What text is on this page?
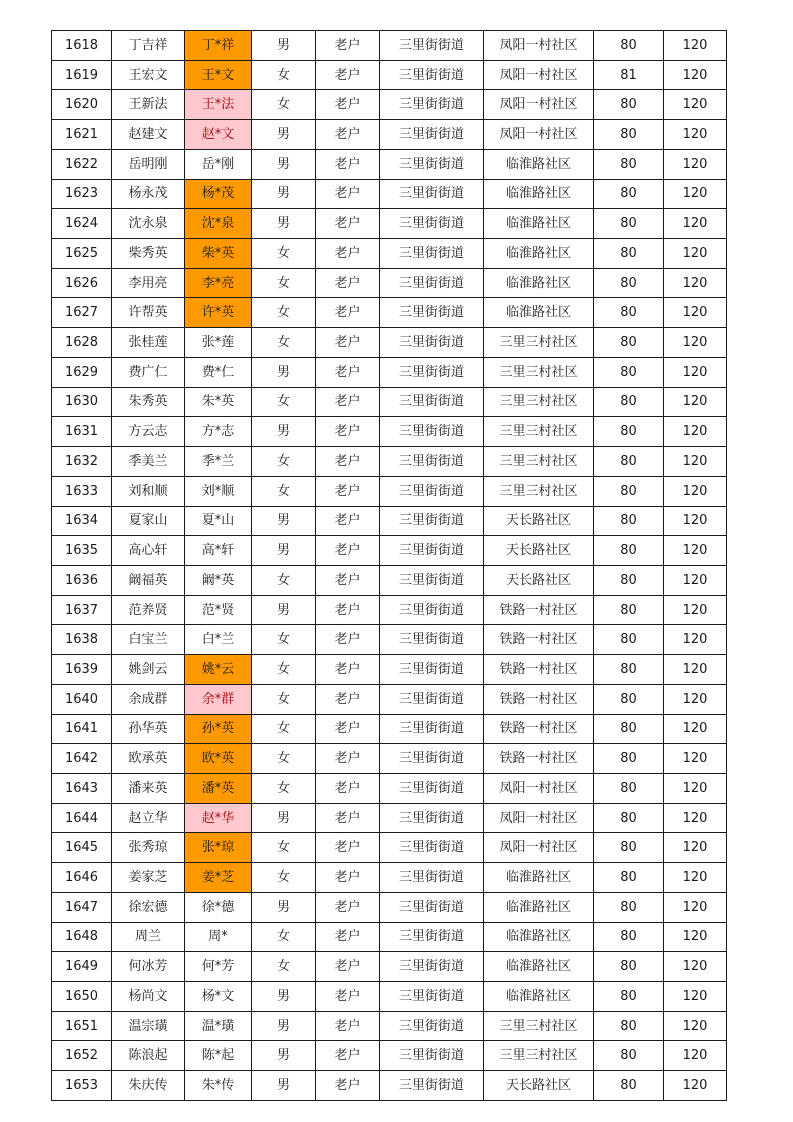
1618	丁吉祥	丁*祥	男	老户	三里街街道	凤阳一村社区	80	120
1619	王宏文	王*文	女	老户	三里街街道	凤阳一村社区	81	120
1620	王新法	王*法	女	老户	三里街街道	凤阳一村社区	80	120
1621	赵建文	赵*文	男	老户	三里街街道	凤阳一村社区	80	120
1622	岳明刚	岳*刚	男	老户	三里街街道	临淮路社区	80	120
1623	杨永茂	杨*茂	男	老户	三里街街道	临淮路社区	80	120
1624	沈永泉	沈*泉	男	老户	三里街街道	临淮路社区	80	120
1625	柴秀英	柴*英	女	老户	三里街街道	临淮路社区	80	120
1626	李用亮	李*亮	女	老户	三里街街道	临淮路社区	80	120
1627	许帮英	许*英	女	老户	三里街街道	临淮路社区	80	120
1628	张桂莲	张*莲	女	老户	三里街街道	三里三村社区	80	120
1629	费广仁	费*仁	男	老户	三里街街道	三里三村社区	80	120
1630	朱秀英	朱*英	女	老户	三里街街道	三里三村社区	80	120
1631	方云志	方*志	男	老户	三里街街道	三里三村社区	80	120
1632	季美兰	季*兰	女	老户	三里街街道	三里三村社区	80	120
1633	刘和顺	刘*顺	女	老户	三里街街道	三里三村社区	80	120
1634	夏家山	夏*山	男	老户	三里街街道	天长路社区	80	120
1635	高心轩	高*轩	男	老户	三里街街道	天长路社区	80	120
1636	阚福英	阚*英	女	老户	三里街街道	天长路社区	80	120
1637	范养贤	范*贤	男	老户	三里街街道	铁路一村社区	80	120
1638	白宝兰	白*兰	女	老户	三里街街道	铁路一村社区	80	120
1639	姚剑云	姚*云	女	老户	三里街街道	铁路一村社区	80	120
1640	余成群	余*群	女	老户	三里街街道	铁路一村社区	80	120
1641	孙华英	孙*英	女	老户	三里街街道	铁路一村社区	80	120
1642	欧承英	欧*英	女	老户	三里街街道	铁路一村社区	80	120
1643	潘来英	潘*英	女	老户	三里街街道	凤阳一村社区	80	120
1644	赵立华	赵*华	男	老户	三里街街道	凤阳一村社区	80	120
1645	张秀琼	张*琼	女	老户	三里街街道	凤阳一村社区	80	120
1646	姜家芝	姜*芝	女	老户	三里街街道	临淮路社区	80	120
1647	徐宏德	徐*德	男	老户	三里街街道	临淮路社区	80	120
1648	周兰	周*	女	老户	三里街街道	临淮路社区	80	120
1649	何冰芳	何*芳	女	老户	三里街街道	临淮路社区	80	120
1650	杨尚文	杨*文	男	老户	三里街街道	临淮路社区	80	120
1651	温宗璜	温*璜	男	老户	三里街街道	三里三村社区	80	120
1652	陈浪起	陈*起	男	老户	三里街街道	三里三村社区	80	120
1653	朱庆传	朱*传	男	老户	三里街街道	天长路社区	80	120
